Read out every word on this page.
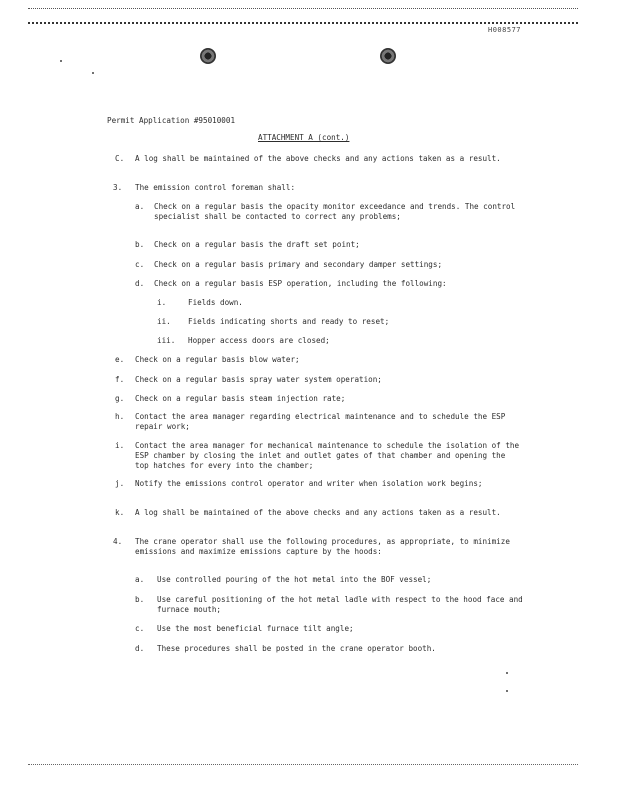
H008577
Permit Application #95010001
ATTACHMENT A (cont.)
C. A log shall be maintained of the above checks and any actions taken as a result.
3. The emission control foreman shall:
a. Check on a regular basis the opacity monitor exceedance and trends. The control specialist shall be contacted to correct any problems;
b. Check on a regular basis the draft set point;
c. Check on a regular basis primary and secondary damper settings;
d. Check on a regular basis ESP operation, including the following:
i.	Fields down.
ii. Fields indicating shorts and ready to reset;
iii. Hopper access doors are closed;
e. Check on a regular basis blow water;
f. Check on a regular basis spray water system operation;
g. Check on a regular basis steam injection rate;
h. Contact the area manager regarding electrical maintenance and to schedule the ESP repair work;
i. Contact the area manager for mechanical maintenance to schedule the isolation of the ESP chamber by closing the inlet and outlet gates of that chamber and opening the top hatches for every into the chamber;
j. Notify the emissions control operator and writer when isolation work begins;
k. A log shall be maintained of the above checks and any actions taken as a result.
4. The crane operator shall use the following procedures, as appropriate, to minimize emissions and maximize emissions capture by the hoods:
a. Use controlled pouring of the hot metal into the BOF vessel;
b. Use careful positioning of the hot metal ladle with respect to the hood face and furnace mouth;
c. Use the most beneficial furnace tilt angle;
d. These procedures shall be posted in the crane operator booth.
